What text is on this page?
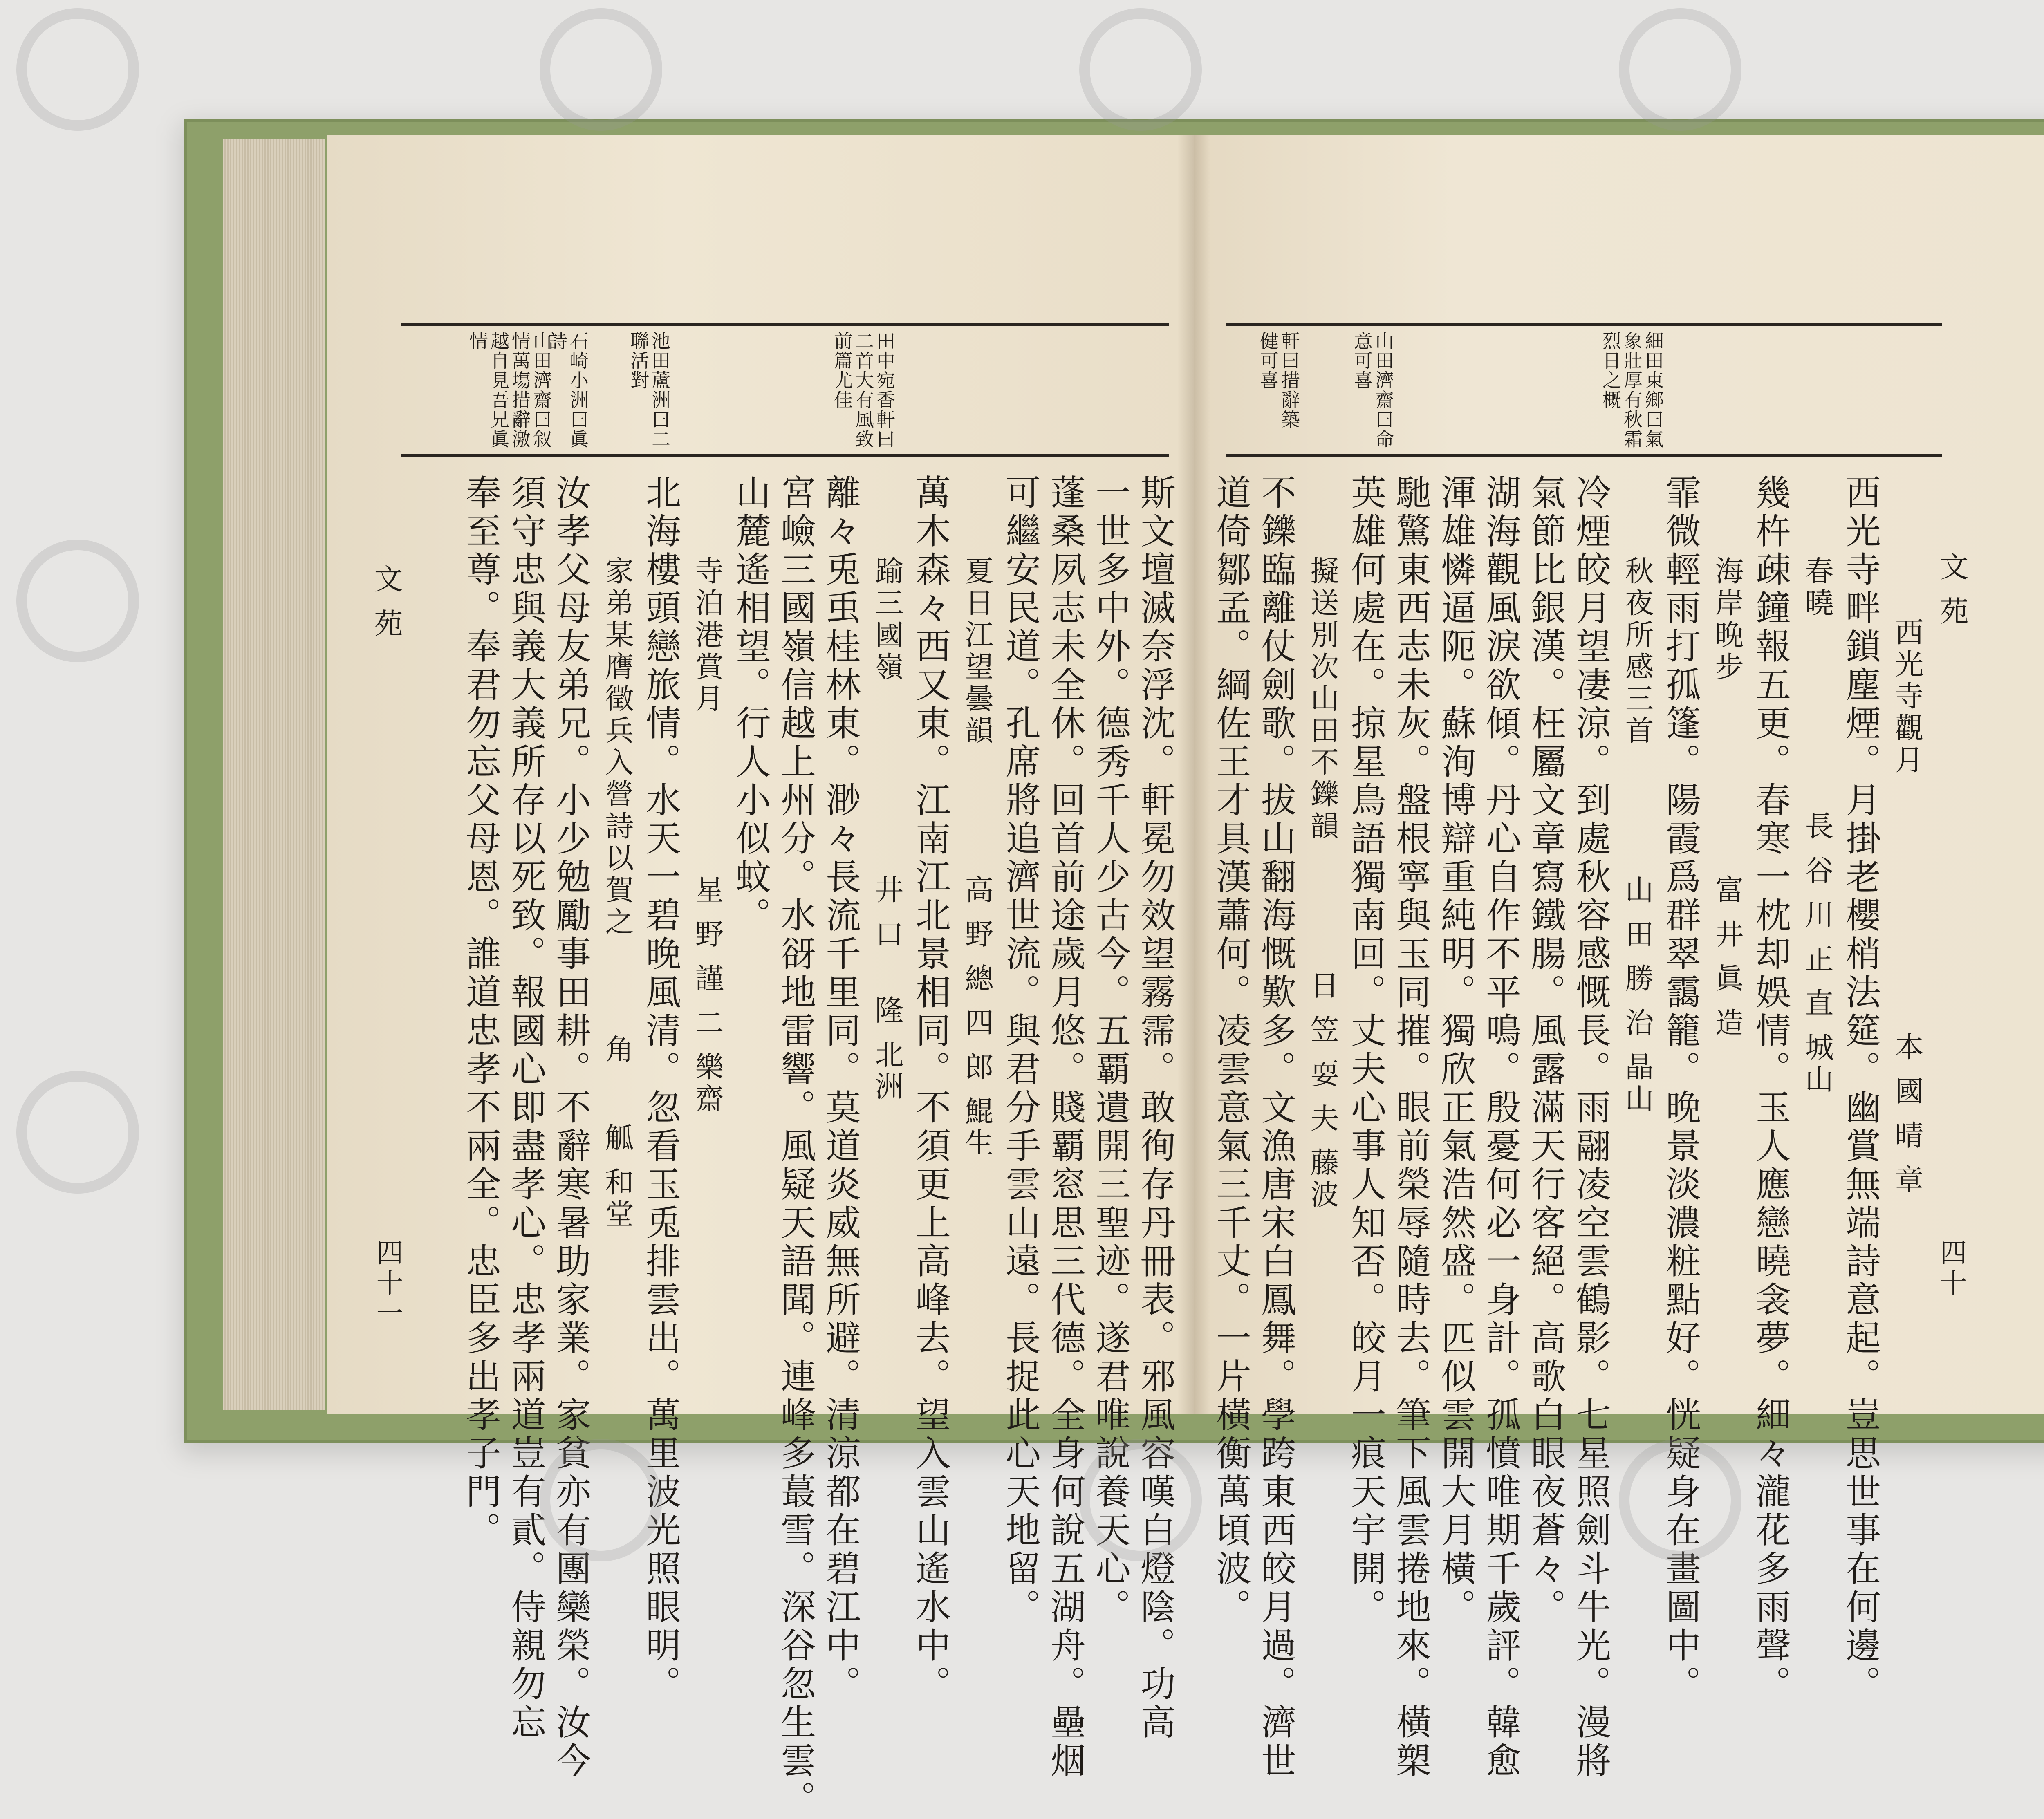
田中宛香軒曰
二首大有風致
前篇尤佳
池田蘆洲曰二
聯活對
石崎小洲曰眞
詩
山田濟齋曰叙
情萬塲措辭激
越自見吾兄眞
情
斯文壇滅奈浮沈。軒冕勿效望霧霈。敢徇存丹冊表。邪風容嘆白燈陰。功高
一世多中外。德秀千人少古今。五覇遺開三聖迹。遂君唯說養天心。
蓬桑夙志未全休。回首前途歲月悠。賤覇窓思三代德。全身何說五湖舟。壘烟
可繼安民道。孔席將追濟世流。與君分手雲山遠。長捉此心天地留。
夏日江望曇韻　　　　高 野 總 四 郎 鯤生
萬木森々西又東。江南江北景相同。不須更上高峰去。望入雲山遙水中。
踰三國嶺　　　　　　井 口 　隆 北洲
離々兎䖝桂林東。渺々長流千里同。莫道炎威無所避。清涼都在碧江中。
宮嶮三國嶺信越上州分。水谺地雷響。風疑天語聞。連峰多蕞雪。深谷忽生雲。
山麓遙相望。行人小似蚊。
寺泊港賞月　　　　　星 野 謹 二 樂齋
北海樓頭戀旅情。水天一碧晚風清。忽看玉兎排雲出。萬里波光照眼明。
家弟某膺徵兵入營詩以賀之　　　角 　 觚 和堂
汝孝父母友弟兄。小少勉勵事田耕。不辭寒暑助家業。家貧亦有團欒榮。汝今
須守忠與義大義所存以死致。報國心即盡孝心。忠孝兩道豈有貳。侍親勿忘
奉至尊。奉君勿忘父母恩。誰道忠孝不兩全。忠臣多出孝子門。
文 苑
四十一
細田東鄉曰氣
象壯厚有秋霜
烈日之概
山田濟齋曰命
意可喜
軒曰措辭築
健可喜
文 苑
四十
西光寺觀月　　　　　　　　本 國 晴 章
西光寺畔鎖塵煙。月掛老櫻梢法筵。幽賞無端詩意起。豈思世事在何邊。
春曉　　　　　　長 谷 川 正 直 城山
幾杵疎鐘報五更。春寒一枕却娛情。玉人應戀曉衾夢。細々瀧花多雨聲。
海岸晚步　　　　　　富 井 眞 造
霏微輕雨打孤篷。陽霞爲群翠靄籠。晚景淡濃粧點好。恍疑身在畫圖中。
秋夜所感三首　　　　山 田 勝 治 晶山
冷煙皎月望凄涼。到處秋容感慨長。雨翮凌空雲鶴影。七星照劍斗牛光。漫將
氣節比銀漢。枉屬文章寫鐵腸。風露滿天行客絕。高歌白眼夜蒼々。
湖海觀風淚欲傾。丹心自作不平鳴。殷憂何必一身計。孤憤唯期千歲評。韓愈
渾雄憐逼阨。蘇洵博辯重純明。獨欣正氣浩然盛。匹似雲開大月橫。
馳驚東西志未灰。盤根寧與玉同摧。眼前榮辱隨時去。筆下風雲捲地來。橫槊
英雄何處在。掠星鳥語獨南回。丈夫心事人知否。皎月一痕天宇開。
擬送別次山田不鑠韻　　　　日 笠 耍 夫 藤波
不鑠臨離仗劍歌。拔山翻海慨歎多。文漁唐宋白鳳舞。學跨東西皎月過。濟世
道倚鄒孟。綱佐王才具漢蕭何。凌雲意氣三千丈。一片橫衡萬頃波。
